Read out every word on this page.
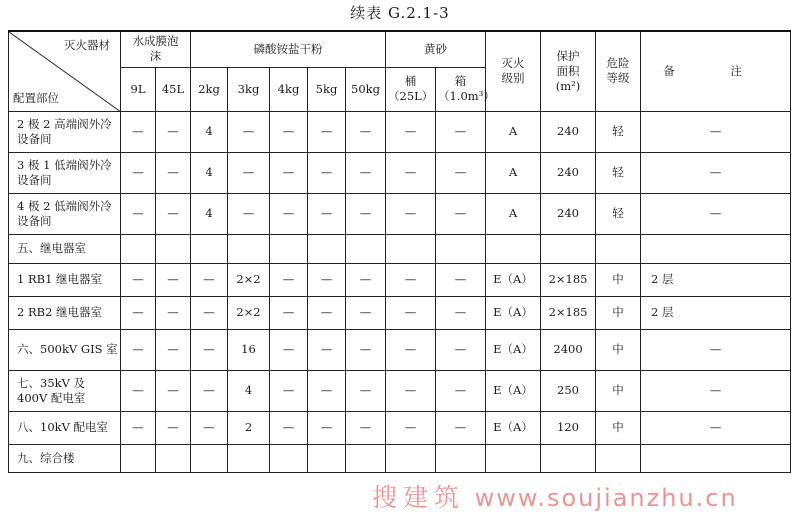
续表 G.2.1-3
灭火器材
配置部位	水成膜泡沫		磷酸铵盐干粉					黄砂		灭火级别	保护面积(m²)	危险等级	备 注
	9L	45L	2kg	3kg	4kg	5kg	50kg	桶（25L）	箱（1.0m³）				
2 极 2 高端阀外冷设备间	—	—	4	—	—	—	—	—	—	A	240	轻	—
3 极 1 低端阀外冷设备间	—	—	4	—	—	—	—	—	—	A	240	轻	—
4 极 2 低端阀外冷设备间	—	—	4	—	—	—	—	—	—	A	240	轻	—
五、继电器室													
1 RB1 继电器室	—	—	—	2×2	—	—	—	—	—	E（A）	2×185	中	2 层
2 RB2 继电器室	—	—	—	2×2	—	—	—	—	—	E（A）	2×185	中	2 层
六、500kV GIS 室	—	—	—	16	—	—	—	—	—	E（A）	2400	中	—
七、35kV 及 400V 配电室	—	—	—	4	—	—	—	—	—	E（A）	250	中	—
八、10kV 配电室	—	—	—	2	—	—	—	—	—	E（A）	120	中	—
九、综合楼													
搜建筑 www.soujianzhu.cn
